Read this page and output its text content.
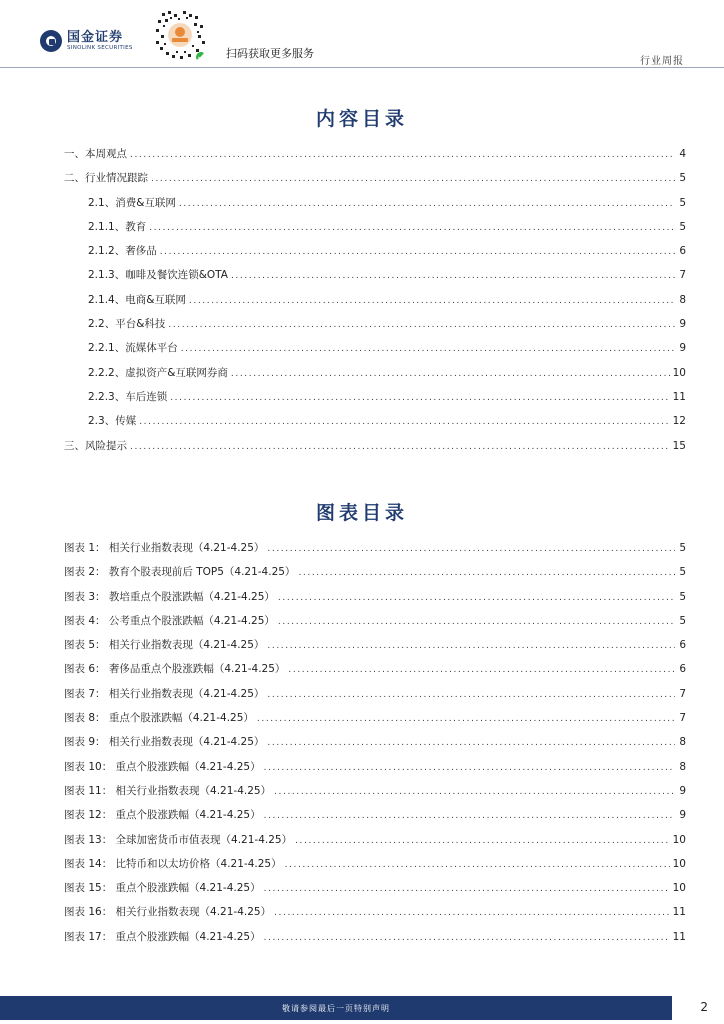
国金证券
SINOLINK SECURITIES	扫码获取更多服务
行业周报
内容目录
一、本周观点 .....	4
二、行业情况跟踪 .....	5
2.1、消费&互联网 .....	5
2.1.1、教育 .....	5
2.1.2、奢侈品 .....	6
2.1.3、咖啡及餐饮连锁&OTA .....	7
2.1.4、电商&互联网 .....	8
2.2、平台&科技 .....	9
2.2.1、流媒体平台 .....	9
2.2.2、虚拟资产&互联网券商 .....	10
2.2.3、车后连锁 .....	11
2.3、传媒 .....	12
三、风险提示 .....	15
图表目录
图表 1： 相关行业指数表现（4.21-4.25） .....	5
图表 2： 教育个股表现前后 TOP5（4.21-4.25） .....	5
图表 3： 教培重点个股涨跌幅（4.21-4.25） .....	5
图表 4： 公考重点个股涨跌幅（4.21-4.25） .....	5
图表 5： 相关行业指数表现（4.21-4.25） .....	6
图表 6： 奢侈品重点个股涨跌幅（4.21-4.25） .....	6
图表 7： 相关行业指数表现（4.21-4.25） .....	7
图表 8： 重点个股涨跌幅（4.21-4.25） .....	7
图表 9： 相关行业指数表现（4.21-4.25） .....	8
图表 10： 重点个股涨跌幅（4.21-4.25） .....	8
图表 11： 相关行业指数表现（4.21-4.25） .....	9
图表 12： 重点个股涨跌幅（4.21-4.25） .....	9
图表 13： 全球加密货币市值表现（4.21-4.25） .....	10
图表 14： 比特币和以太坊价格（4.21-4.25） .....	10
图表 15： 重点个股涨跌幅（4.21-4.25） .....	10
图表 16： 相关行业指数表现（4.21-4.25） .....	11
图表 17： 重点个股涨跌幅（4.21-4.25） .....	11
敬请参阅最后一页特别声明	2
